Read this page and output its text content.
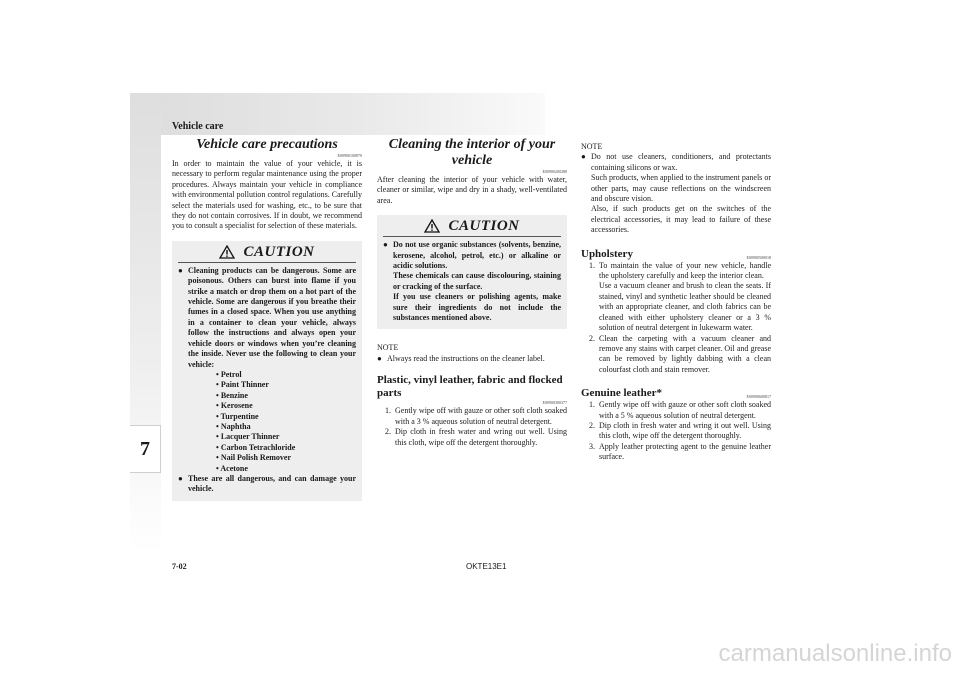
Vehicle care
7
Vehicle care precautions
E00900100870
In order to maintain the value of your vehicle, it is necessary to perform regular maintenance using the proper procedures. Always maintain your vehicle in compliance with environmental pollution control regulations. Carefully select the materials used for washing, etc., to be sure that they do not contain corrosives. If in doubt, we recommend you to consult a specialist for selection of these materials.
CAUTION
● Cleaning products can be dangerous. Some are poisonous. Others can burst into flame if you strike a match or drop them on a hot part of the vehicle. Some are dangerous if you breathe their fumes in a closed space. When you use anything in a container to clean your vehicle, always follow the instructions and always open your vehicle doors or windows when you’re cleaning the inside. Never use the following to clean your vehicle:
• Petrol
• Paint Thinner
• Benzine
• Kerosene
• Turpentine
• Naphtha
• Lacquer Thinner
• Carbon Tetrachloride
• Nail Polish Remover
• Acetone
● These are all dangerous, and can damage your vehicle.
Cleaning the interior of your vehicle
E00900200288
After cleaning the interior of your vehicle with water, cleaner or similar, wipe and dry in a shady, well-ventilated area.
CAUTION
● Do not use organic substances (solvents, benzine, kerosene, alcohol, petrol, etc.) or alkaline or acidic solutions.
These chemicals can cause discolouring, staining or cracking of the surface.
If you use cleaners or polishing agents, make sure their ingredients do not include the substances mentioned above.
NOTE
● Always read the instructions on the cleaner label.
Plastic, vinyl leather, fabric and flocked parts
E00900300377
1. Gently wipe off with gauze or other soft cloth soaked with a 3 % aqueous solution of neutral detergent.
2. Dip cloth in fresh water and wring out well. Using this cloth, wipe off the detergent thoroughly.
NOTE
● Do not use cleaners, conditioners, and protectants containing silicons or wax.
Such products, when applied to the instrument panels or other parts, may cause reflections on the windscreen and obscure vision.
Also, if such products get on the switches of the electrical accessories, it may lead to failure of these accessories.
Upholstery	E00900500018
1. To maintain the value of your new vehicle, handle the upholstery carefully and keep the interior clean.
Use a vacuum cleaner and brush to clean the seats. If stained, vinyl and synthetic leather should be cleaned with an appropriate cleaner, and cloth fabrics can be cleaned with either upholstery cleaner or a 3 % solution of neutral detergent in lukewarm water.
2. Clean the carpeting with a vacuum cleaner and remove any stains with carpet cleaner. Oil and grease can be removed by lightly dabbing with a clean colourfast cloth and stain remover.
Genuine leather*	E00900600817
1. Gently wipe off with gauze or other soft cloth soaked with a 5 % aqueous solution of neutral detergent.
2. Dip cloth in fresh water and wring it out well. Using this cloth, wipe off the detergent thoroughly.
3. Apply leather protecting agent to the genuine leather surface.
7-02	OKTE13E1
carmanualsonline.info
